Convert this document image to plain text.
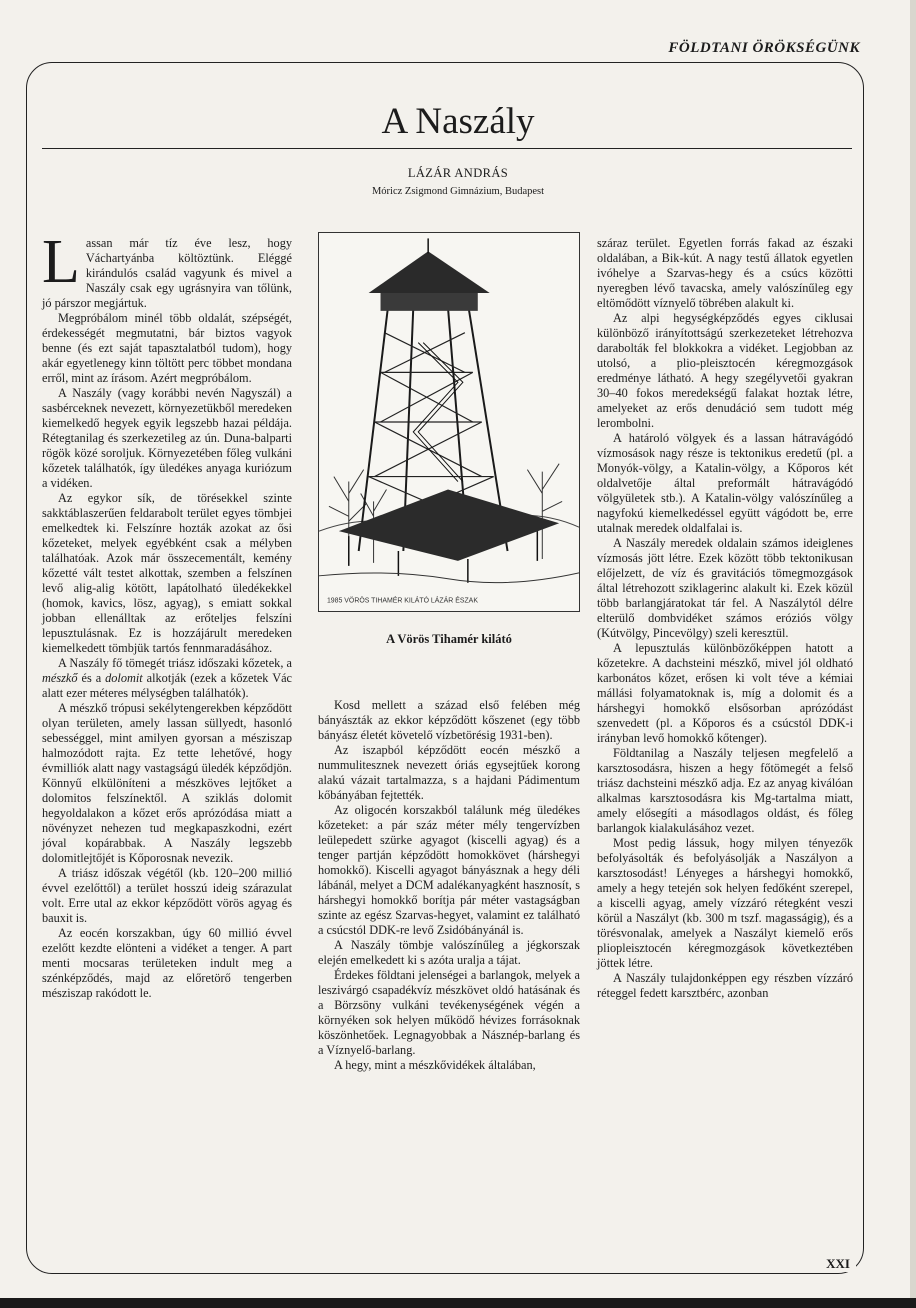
FÖLDTANI ÖRÖKSÉGÜNK
A Naszály
LÁZÁR ANDRÁS
Móricz Zsigmond Gimnázium, Budapest

Lassan már tíz éve lesz, hogy Váchartyánba költöztünk. Eléggé kirándulós család vagyunk és mivel a Naszály csak egy ugrásnyira van tőlünk, jó párszor megjártuk.

Megpróbálom minél több oldalát, szépségét, érdekességét megmutatni, bár biztos vagyok benne (és ezt saját tapasztalatból tudom), hogy akár egyetlenegy kinn töltött perc többet mondana erről, mint az írásom. Azért megpróbálom.

A Naszály (vagy korábbi nevén Nagyszál) a sasbérceknek nevezett, környezetükből meredeken kiemelkedő hegyek egyik legszebb hazai példája. Rétegtanilag és szerkezetileg az ún. Duna-balparti rögök közé soroljuk. Környezetében főleg vulkáni kőzetek találhatók, így üledékes anyaga kuriózum a vidéken.

Az egykor sík, de törésekkel szinte sakktáblaszerűen feldarabolt terület egyes tömbjei emelkedtek ki. Felszínre hozták azokat az ősi kőzeteket, melyek egyébként csak a mélyben találhatóak. Azok már összecementált, kemény kőzetté vált testet alkottak, szemben a felszínen levő alig-alig kötött, lapátolható üledékekkel (homok, kavics, lösz, agyag), s emiatt sokkal jobban ellenálltak az erőteljes felszíni lepusztulásnak. Ez is hozzájárult meredeken kiemelkedett tömbjük tartós fennmaradásához.

A Naszály fő tömegét triász időszaki kőzetek, a mészkő és a dolomit alkotják (ezek a kőzetek Vác alatt ezer méteres mélységben találhatók).

A mészkő trópusi sekélytengerekben képződött olyan területen, amely lassan süllyedt, hasonló sebességgel, mint amilyen gyorsan a mésziszap halmozódott rajta. Ez tette lehetővé, hogy évmilliók alatt nagy vastagságú üledék képződjön. Könnyű elkülöníteni a mészköves lejtőket a dolomitos felszínektől. A sziklás dolomit hegyoldalakon a kőzet erős aprózódása miatt a növényzet nehezen tud megkapaszkodni, ezért jóval kopárabbak. A Naszály legszebb dolomitlejtőjét is Kőporosnak nevezik.

A triász időszak végétől (kb. 120–200 millió évvel ezelőttől) a terület hosszú ideig szárazulat volt. Erre utal az ekkor képződött vörös agyag és bauxit is.

Az eocén korszakban, úgy 60 millió évvel ezelőtt kezdte elönteni a vidéket a tenger. A part menti mocsaras területeken indult meg a szénképződés, majd az előretörő tengerben mésziszap rakódott le.

1985 VÖRÖS TIHAMÉR KILÁTÓ LÁZÁR ÉSZAK
A Vörös Tihamér kilátó

Kosd mellett a század első felében még bányászták az ekkor képződött kőszenet (egy több bányász életét követelő vízbetörésig 1931-ben).

Az iszapból képződött eocén mészkő a nummulitesznek nevezett óriás egysejtűek korong alakú vázait tartalmazza, s a hajdani Pádimentum kőbányában fejtették.

Az oligocén korszakból találunk még üledékes kőzeteket: a pár száz méter mély tengervízben leülepedett szürke agyagot (kiscelli agyag) és a tenger partján képződött homokkövet (hárshegyi homokkő). Kiscelli agyagot bányásznak a hegy déli lábánál, melyet a DCM adalékanyagként hasznosít, s hárshegyi homokkő borítja pár méter vastagságban szinte az egész Szarvas-hegyet, valamint ez található a csúcstól DDK-re levő Zsidóbányánál is.

A Naszály tömbje valószínűleg a jégkorszak elején emelkedett ki s azóta uralja a tájat.

Érdekes földtani jelenségei a barlangok, melyek a leszivárgó csapadékvíz mészkövet oldó hatásának és a Börzsöny vulkáni tevékenységének végén a környéken sok helyen működő hévizes forrásoknak köszönhetőek. Legnagyobbak a Násznép-barlang és a Víznyelő-barlang.

A hegy, mint a mészkővidékek általában,

száraz terület. Egyetlen forrás fakad az északi oldalában, a Bik-kút. A nagy testű állatok egyetlen ivóhelye a Szarvas-hegy és a csúcs közötti nyeregben lévő tavacska, amely valószínűleg egy eltömődött víznyelő töbrében alakult ki.

Az alpi hegységképződés egyes ciklusai különböző irányítottságú szerkezeteket létrehozva darabolták fel blokkokra a vidéket. Legjobban az utolsó, a plio-pleisztocén kéregmozgások eredménye látható. A hegy szegélyvetői gyakran 30–40 fokos meredekségű falakat hoztak létre, amelyeket az erős denudáció sem tudott még lerombolni.

A határoló völgyek és a lassan hátravágódó vízmosások nagy része is tektonikus eredetű (pl. a Monyók-völgy, a Katalin-völgy, a Kőporos két oldalvetője által preformált hátravágódó völgyületek stb.). A Katalin-völgy valószínűleg a nagyfokú kiemelkedéssel együtt vágódott be, erre utalnak meredek oldalfalai is.

A Naszály meredek oldalain számos ideiglenes vízmosás jött létre. Ezek között több tektonikusan előjelzett, de víz és gravitációs tömegmozgások által létrehozott sziklagerinc alakult ki. Ezek közül több barlangjáratokat tár fel. A Naszálytól délre elterülő dombvidéket számos eróziós völgy (Kútvölgy, Pincevölgy) szeli keresztül.

A lepusztulás különbözőképpen hatott a kőzetekre. A dachsteini mészkő, mivel jól oldható karbonátos kőzet, erősen ki volt téve a kémiai mállási folyamatoknak is, míg a dolomit és a hárshegyi homokkő elsősorban aprózódást szenvedett (pl. a Kőporos és a csúcstól DDK-i irányban levő homokkő kőtenger).

Földtanilag a Naszály teljesen megfelelő a karsztosodásra, hiszen a hegy főtömegét a felső triász dachsteini mészkő adja. Ez az anyag kiválóan alkalmas karsztosodásra kis Mg-tartalma miatt, amely elősegíti a másodlagos oldást, és főleg barlangok kialakulásához vezet.

Most pedig lássuk, hogy milyen tényezők befolyásolták és befolyásolják a Naszályon a karsztosodást! Lényeges a hárshegyi homokkő, amely a hegy tetején sok helyen fedőként szerepel, a kiscelli agyag, amely vízzáró rétegként veszi körül a Naszályt (kb. 300 m tszf. magasságig), és a törésvonalak, amelyek a Naszályt kiemelő erős pliopleisztocén kéregmozgások következtében jöttek létre.

A Naszály tulajdonképpen egy részben vízzáró réteggel fedett karsztbérc, azonban

XXI
